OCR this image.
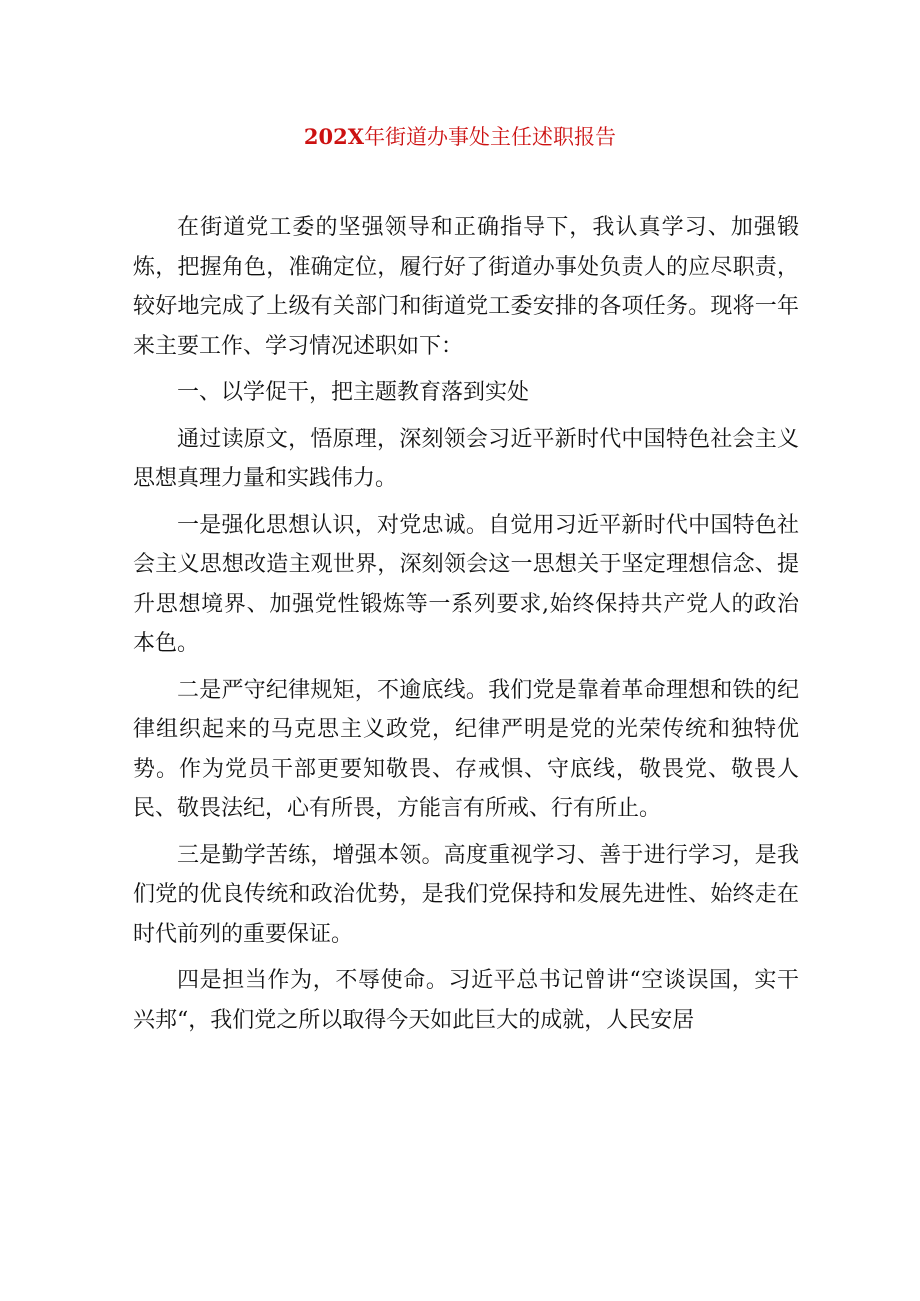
202X年街道办事处主任述职报告

在街道党工委的坚强领导和正确指导下，我认真学习、加强锻炼，把握角色，准确定位，履行好了街道办事处负责人的应尽职责，较好地完成了上级有关部门和街道党工委安排的各项任务。现将一年来主要工作、学习情况述职如下：

一、以学促干，把主题教育落到实处

通过读原文，悟原理，深刻领会习近平新时代中国特色社会主义思想真理力量和实践伟力。

一是强化思想认识，对党忠诚。自觉用习近平新时代中国特色社会主义思想改造主观世界，深刻领会这一思想关于坚定理想信念、提升思想境界、加强党性锻炼等一系列要求,始终保持共产党人的政治本色。

二是严守纪律规矩，不逾底线。我们党是靠着革命理想和铁的纪律组织起来的马克思主义政党，纪律严明是党的光荣传统和独特优势。作为党员干部更要知敬畏、存戒惧、守底线，敬畏党、敬畏人民、敬畏法纪，心有所畏，方能言有所戒、行有所止。

三是勤学苦练，增强本领。高度重视学习、善于进行学习，是我们党的优良传统和政治优势，是我们党保持和发展先进性、始终走在时代前列的重要保证。

四是担当作为，不辱使命。习近平总书记曾讲“空谈误国，实干兴邦“，我们党之所以取得今天如此巨大的成就，人民安居
